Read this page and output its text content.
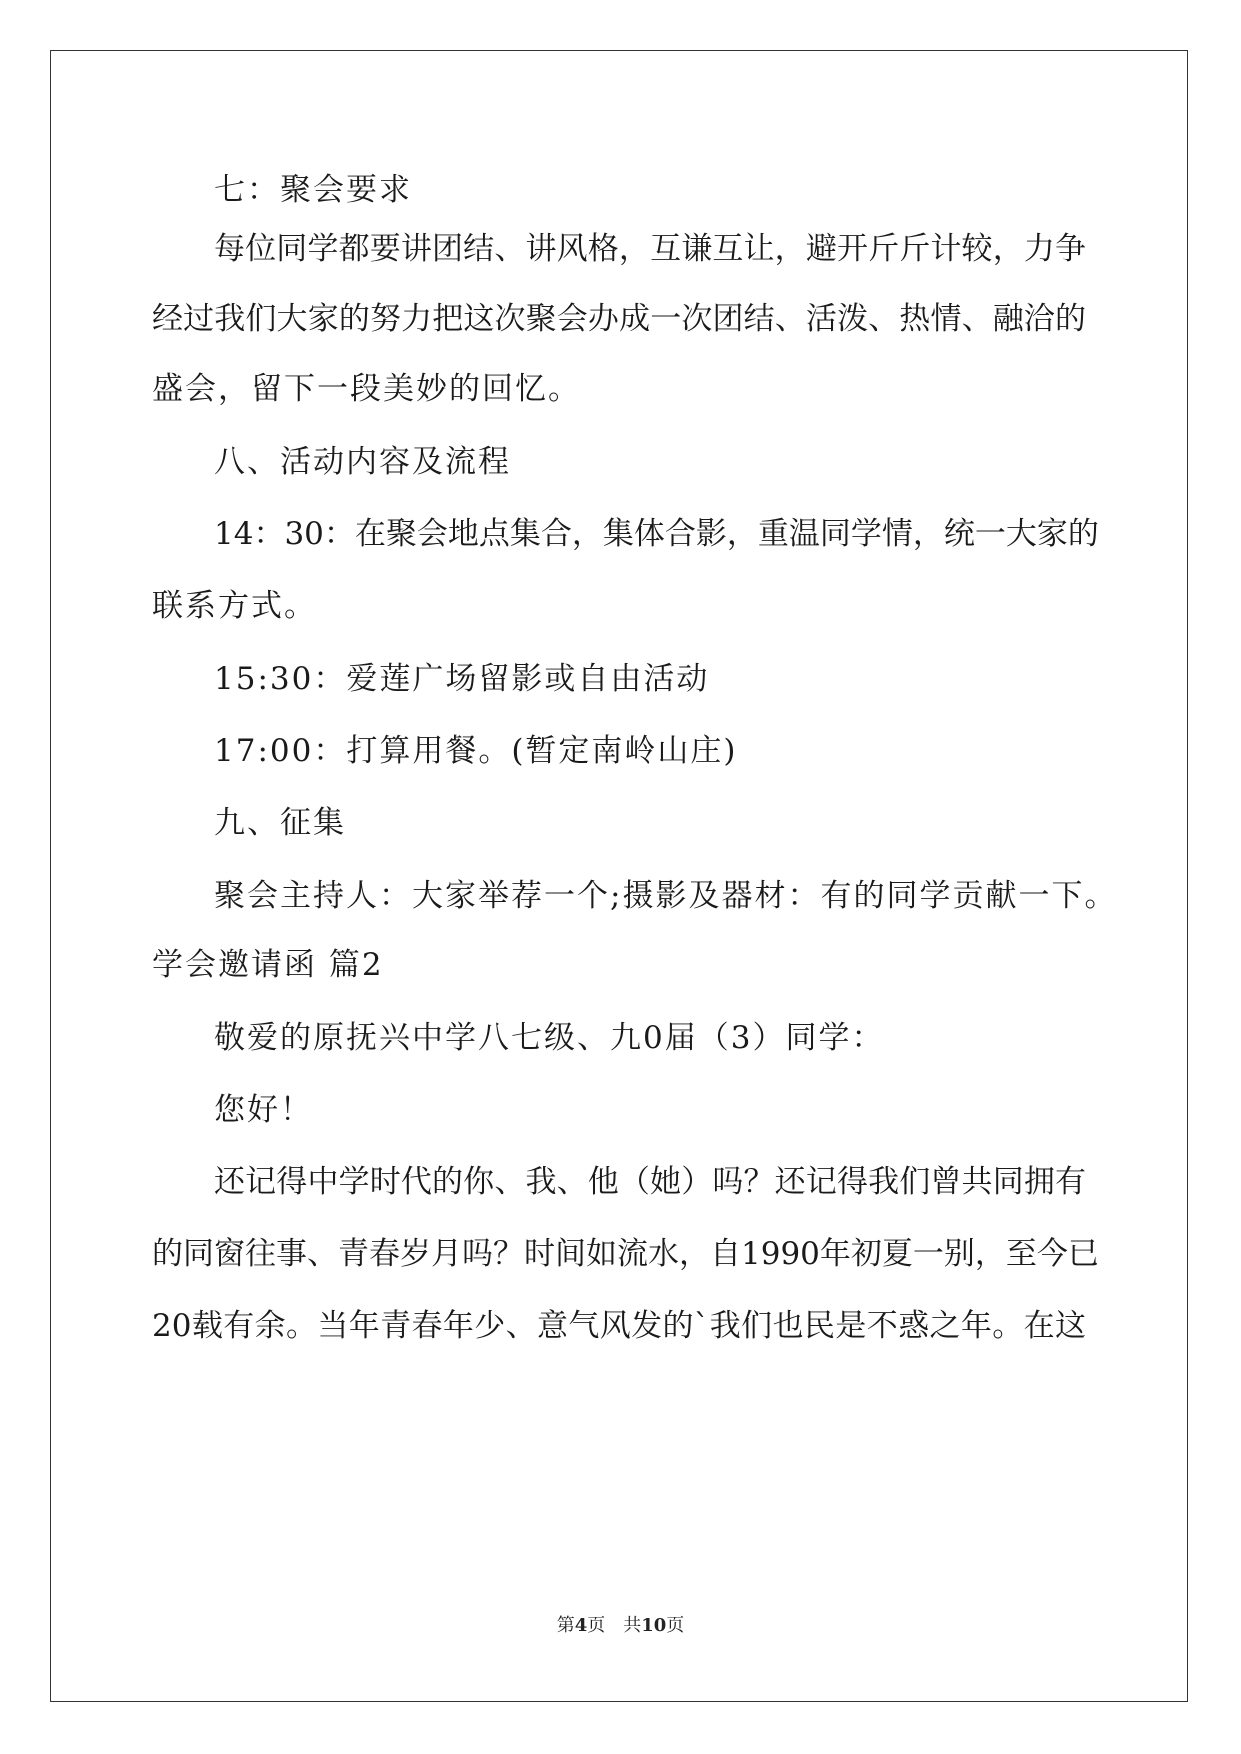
七：聚会要求
每位同学都要讲团结、讲风格，互谦互让，避开斤斤计较，力争
经过我们大家的努力把这次聚会办成一次团结、活泼、热情、融洽的
盛会，留下一段美妙的回忆。
八、活动内容及流程
14：30：在聚会地点集合，集体合影，重温同学情，统一大家的
联系方式。
15:30：爱莲广场留影或自由活动
17:00：打算用餐。(暂定南岭山庄)
九、征集
聚会主持人：大家举荐一个;摄影及器材：有的同学贡献一下。
学会邀请函 篇2
敬爱的原抚兴中学八七级、九0届（3）同学：
您好！
还记得中学时代的你、我、他（她）吗？还记得我们曾共同拥有
的同窗往事、青春岁月吗？时间如流水，自1990年初夏一别，至今已
20载有余。当年青春年少、意气风发的`我们也民是不惑之年。在这
第4页 共10页
